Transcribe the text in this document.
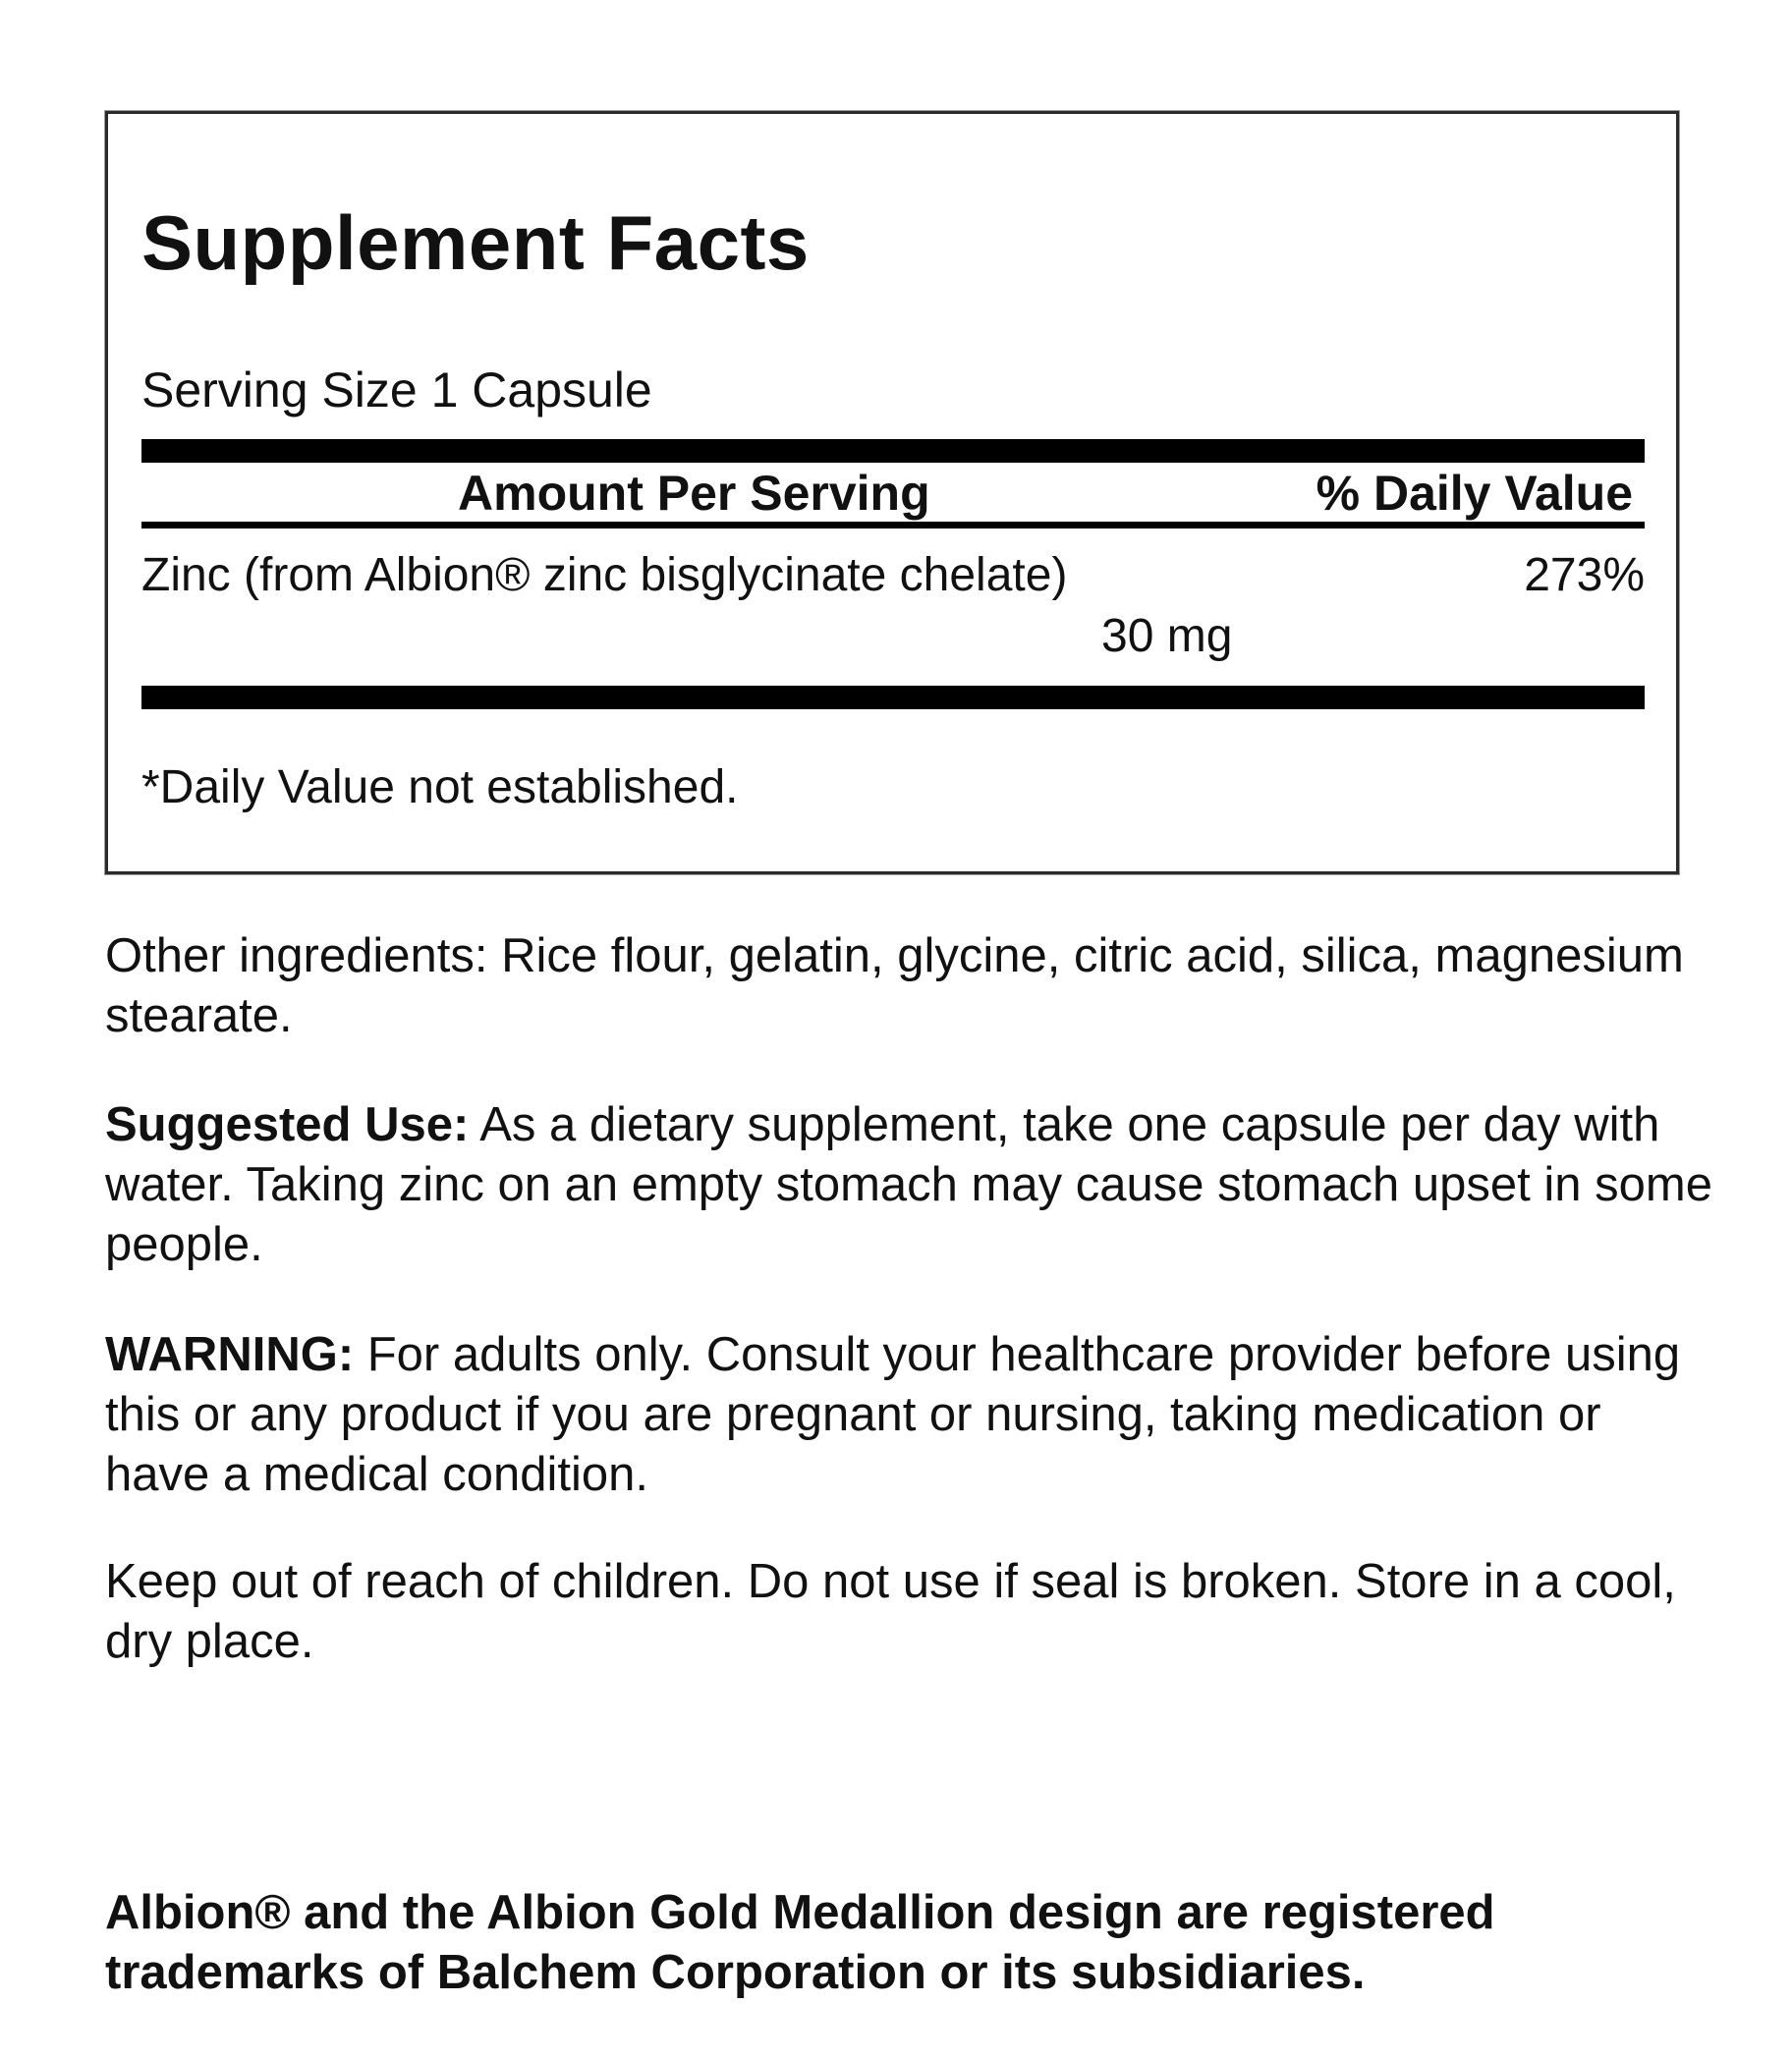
Supplement Facts
Serving Size 1 Capsule
Amount Per Serving	% Daily Value
Zinc (from Albion® zinc bisglycinate chelate)
30 mg
273%
*Daily Value not established.

Other ingredients: Rice flour, gelatin, glycine, citric acid, silica, magnesium stearate.

Suggested Use: As a dietary supplement, take one capsule per day with water. Taking zinc on an empty stomach may cause stomach upset in some people.

WARNING: For adults only. Consult your healthcare provider before using this or any product if you are pregnant or nursing, taking medication or have a medical condition.

Keep out of reach of children. Do not use if seal is broken. Store in a cool, dry place.

Albion® and the Albion Gold Medallion design are registered trademarks of Balchem Corporation or its subsidiaries.
